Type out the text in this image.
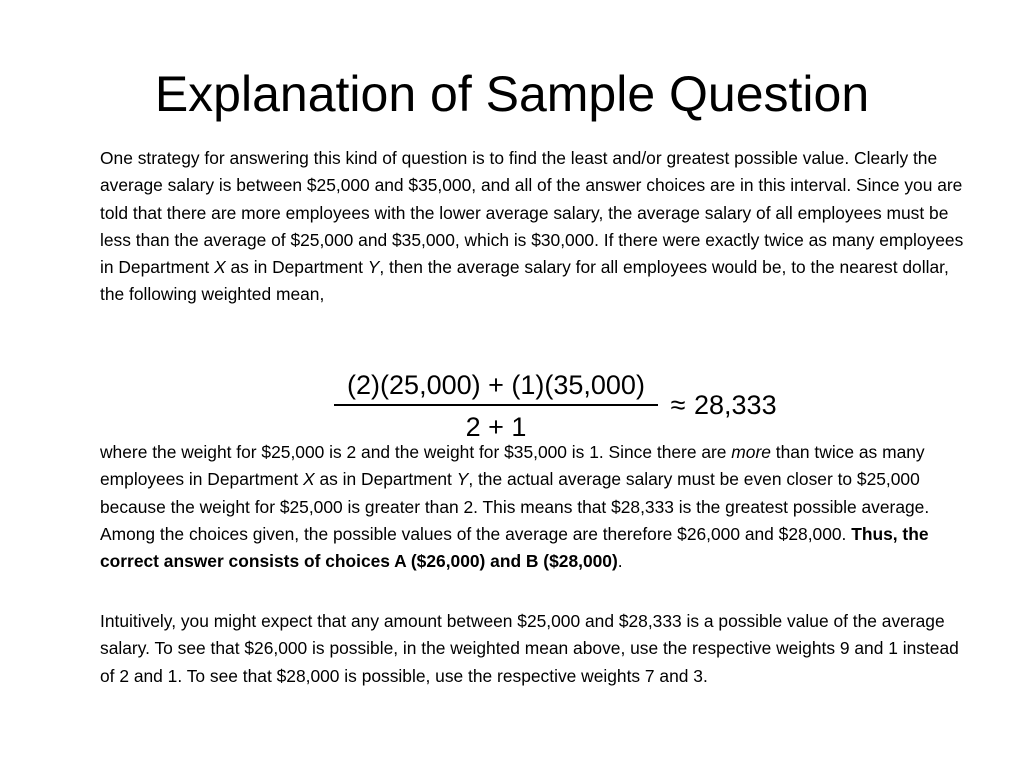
Explanation of Sample Question

One strategy for answering this kind of question is to find the least and/or greatest possible value. Clearly the average salary is between $25,000 and $35,000, and all of the answer choices are in this interval. Since you are told that there are more employees with the lower average salary, the average salary of all employees must be less than the average of $25,000 and $35,000, which is $30,000. If there were exactly twice as many employees in Department X as in Department Y, then the average salary for all employees would be, to the nearest dollar, the following weighted mean,

(2)(25,000) + (1)(35,000)
2 + 1
≈ 28,333

where the weight for $25,000 is 2 and the weight for $35,000 is 1. Since there are more than twice as many employees in Department X as in Department Y, the actual average salary must be even closer to $25,000 because the weight for $25,000 is greater than 2. This means that $28,333 is the greatest possible average. Among the choices given, the possible values of the average are therefore $26,000 and $28,000. Thus, the correct answer consists of choices A ($26,000) and B ($28,000).

Intuitively, you might expect that any amount between $25,000 and $28,333 is a possible value of the average salary. To see that $26,000 is possible, in the weighted mean above, use the respective weights 9 and 1 instead of 2 and 1. To see that $28,000 is possible, use the respective weights 7 and 3.
